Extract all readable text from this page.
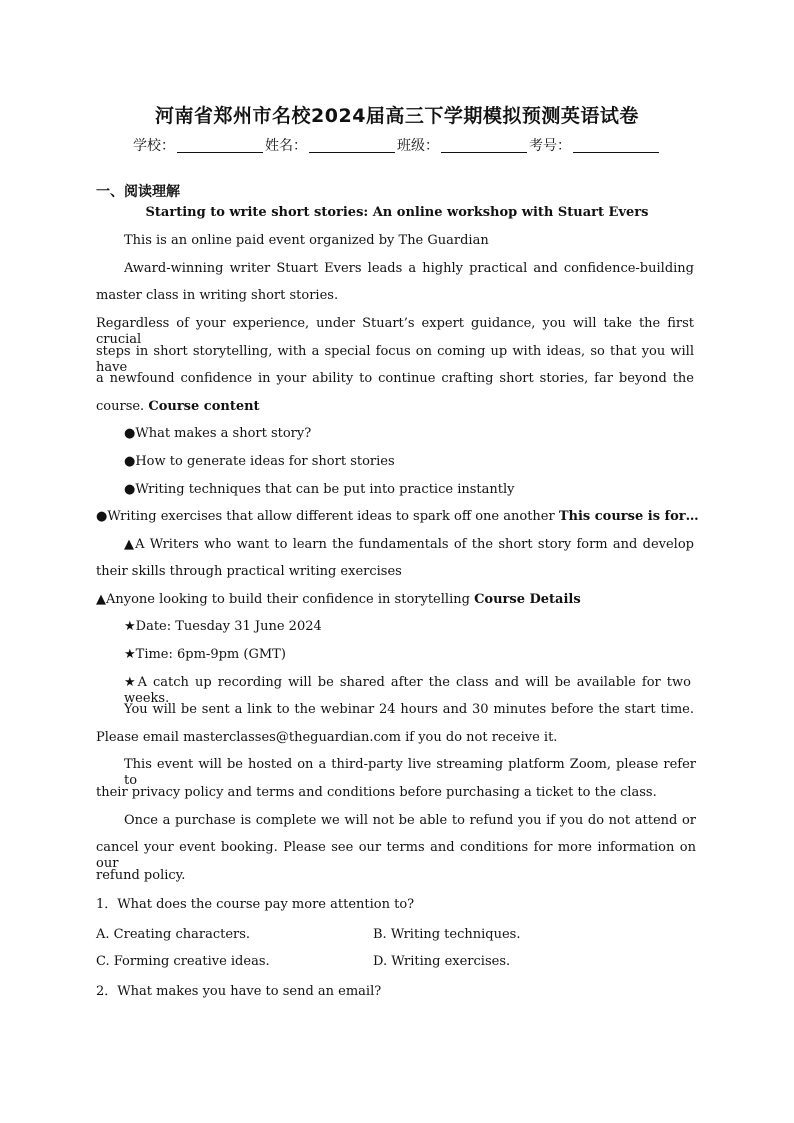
河南省郑州市名校2024届高三下学期模拟预测英语试卷
学校：	姓名：	班级：	考号：
一、阅读理解
Starting to write short stories: An online workshop with Stuart Evers
This is an online paid event organized by The Guardian
Award-winning writer Stuart Evers leads a highly practical and confidence-building
master class in writing short stories.
Regardless of your experience, under Stuart’s expert guidance, you will take the first crucial
steps in short storytelling, with a special focus on coming up with ideas, so that you will have
a newfound confidence in your ability to continue crafting short stories, far beyond the
course. Course content
●What makes a short story?
●How to generate ideas for short stories
●Writing techniques that can be put into practice instantly
●Writing exercises that allow different ideas to spark off one another This course is for…
▲A Writers who want to learn the fundamentals of the short story form and develop
their skills through practical writing exercises
▲Anyone looking to build their confidence in storytelling Course Details
★Date: Tuesday 31 June 2024
★Time: 6pm-9pm (GMT)
★A catch up recording will be shared after the class and will be available for two weeks.
You will be sent a link to the webinar 24 hours and 30 minutes before the start time.
Please email masterclasses@theguardian.com if you do not receive it.
This event will be hosted on a third-party live streaming platform Zoom, please refer to
their privacy policy and terms and conditions before purchasing a ticket to the class.
Once a purchase is complete we will not be able to refund you if you do not attend or
cancel your event booking. Please see our terms and conditions for more information on our
refund policy.
1．What does the course pay more attention to?
A. Creating characters.	B. Writing techniques.
C. Forming creative ideas.	D. Writing exercises.
2．What makes you have to send an email?
